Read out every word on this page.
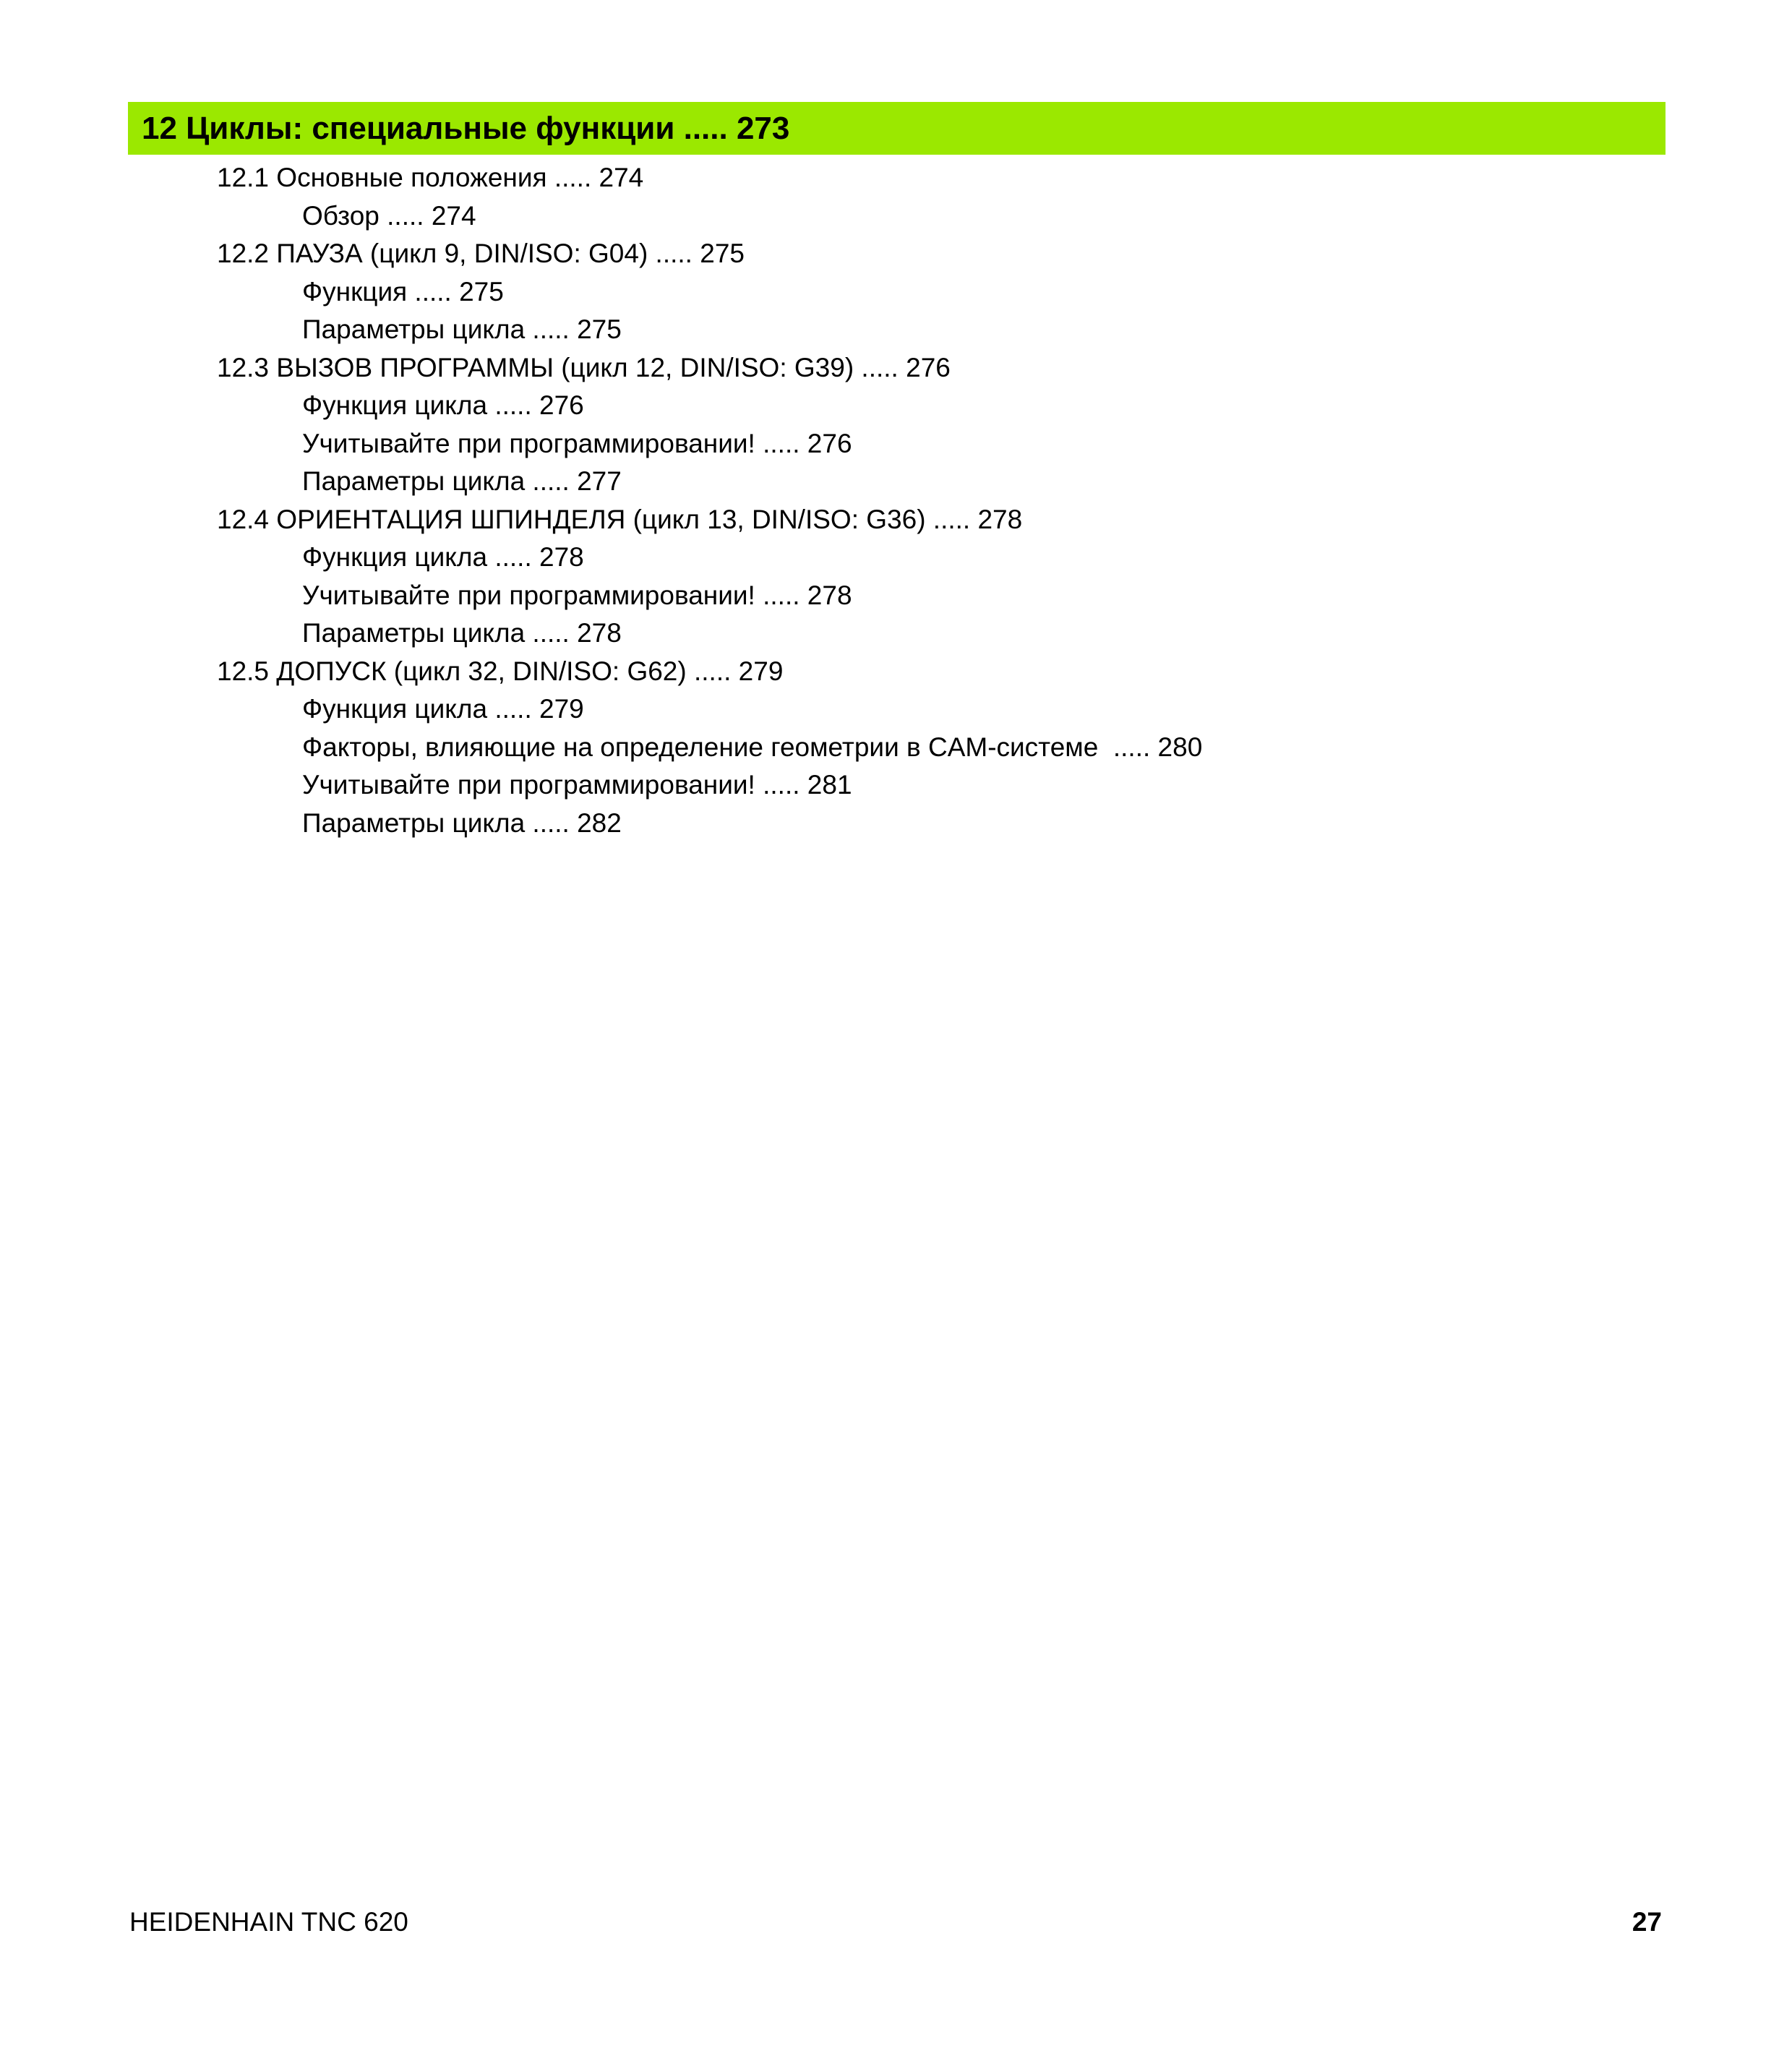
12 Циклы: специальные функции ..... 273
12.1 Основные положения ..... 274
Обзор ..... 274
12.2 ПАУЗА (цикл 9, DIN/ISO: G04) ..... 275
Функция ..... 275
Параметры цикла ..... 275
12.3 ВЫЗОВ ПРОГРАММЫ (цикл 12, DIN/ISO: G39) ..... 276
Функция цикла ..... 276
Учитывайте при программировании! ..... 276
Параметры цикла ..... 277
12.4 ОРИЕНТАЦИЯ ШПИНДЕЛЯ (цикл 13, DIN/ISO: G36) ..... 278
Функция цикла ..... 278
Учитывайте при программировании! ..... 278
Параметры цикла ..... 278
12.5 ДОПУСК (цикл 32, DIN/ISO: G62) ..... 279
Функция цикла ..... 279
Факторы, влияющие на определение геометрии в CAM-системе  ..... 280
Учитывайте при программировании! ..... 281
Параметры цикла ..... 282
HEIDENHAIN TNC 620	27
